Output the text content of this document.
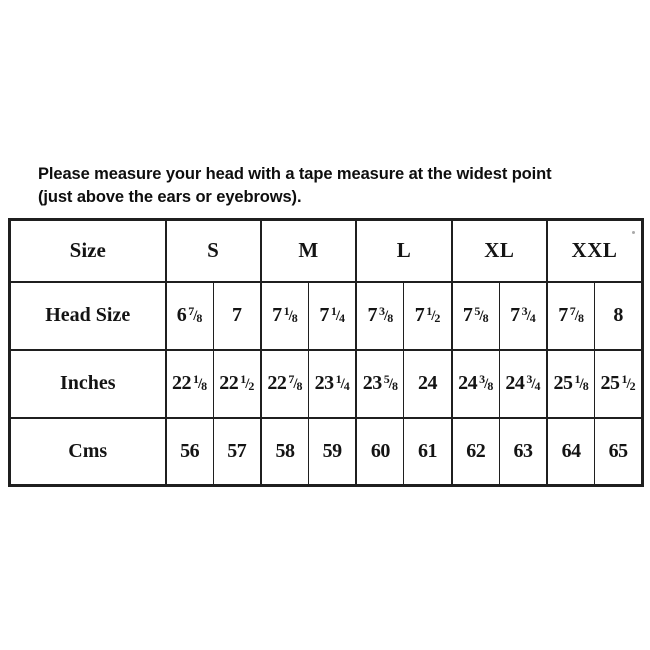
Please measure your head with a tape measure at the widest point
(just above the ears or eyebrows).
Size	S		M		L		XL		XXL	
Head Size	6 7/8	7	7 1/8	7 1/4	7 3/8	7 1/2	7 5/8	7 3/4	7 7/8	8
Inches	22 1/8	22 1/2	22 7/8	23 1/4	23 5/8	24	24 3/8	24 3/4	25 1/8	25 1/2
Cms	56	57	58	59	60	61	62	63	64	65
